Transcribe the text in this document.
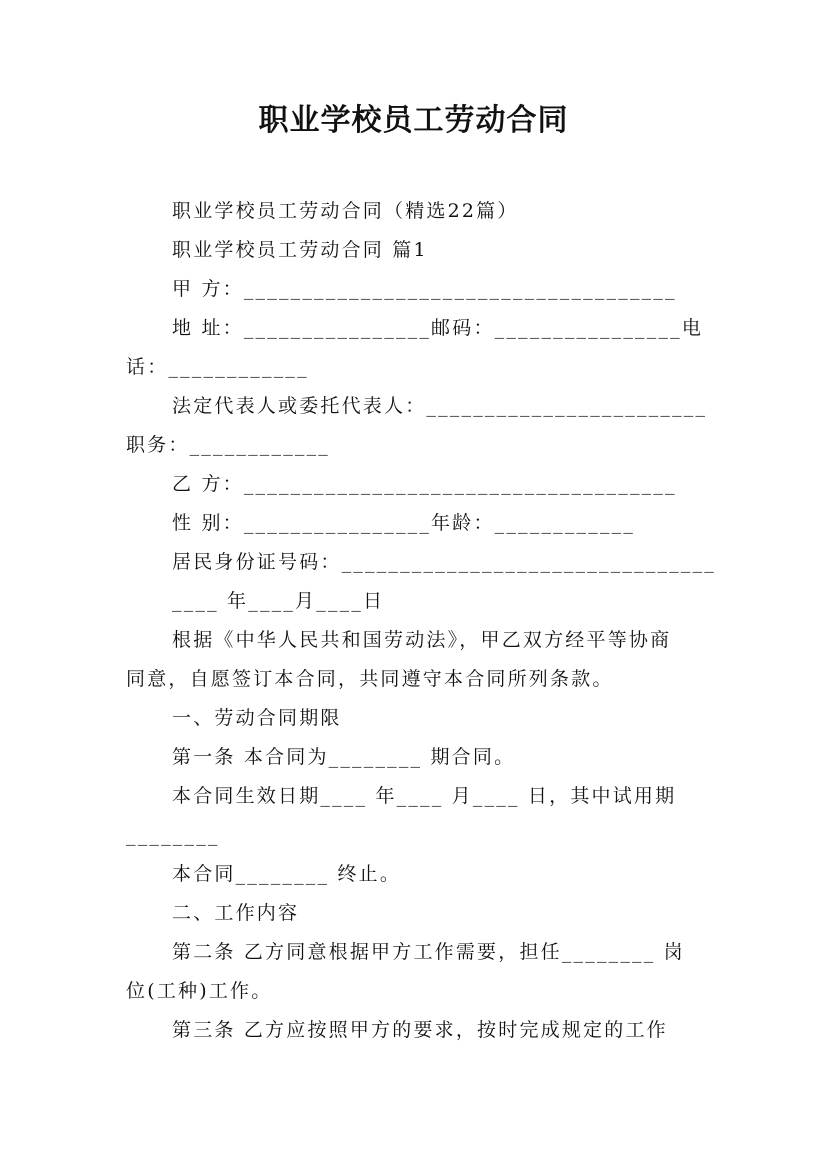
职业学校员工劳动合同

职业学校员工劳动合同（精选22篇）

职业学校员工劳动合同 篇1

甲 方：_____________________________________

地 址：________________邮码：________________电

话：____________

法定代表人或委托代表人：________________________

职务：____________

乙 方：_____________________________________

性 别：________________年龄：____________

居民身份证号码：________________________________

____ 年____月____日

根据《中华人民共和国劳动法》，甲乙双方经平等协商

同意，自愿签订本合同，共同遵守本合同所列条款。

一、劳动合同期限

第一条 本合同为________ 期合同。

本合同生效日期____ 年____ 月____ 日，其中试用期

________

本合同________ 终止。

二、工作内容

第二条 乙方同意根据甲方工作需要，担任________ 岗

位(工种)工作。

第三条 乙方应按照甲方的要求，按时完成规定的工作
